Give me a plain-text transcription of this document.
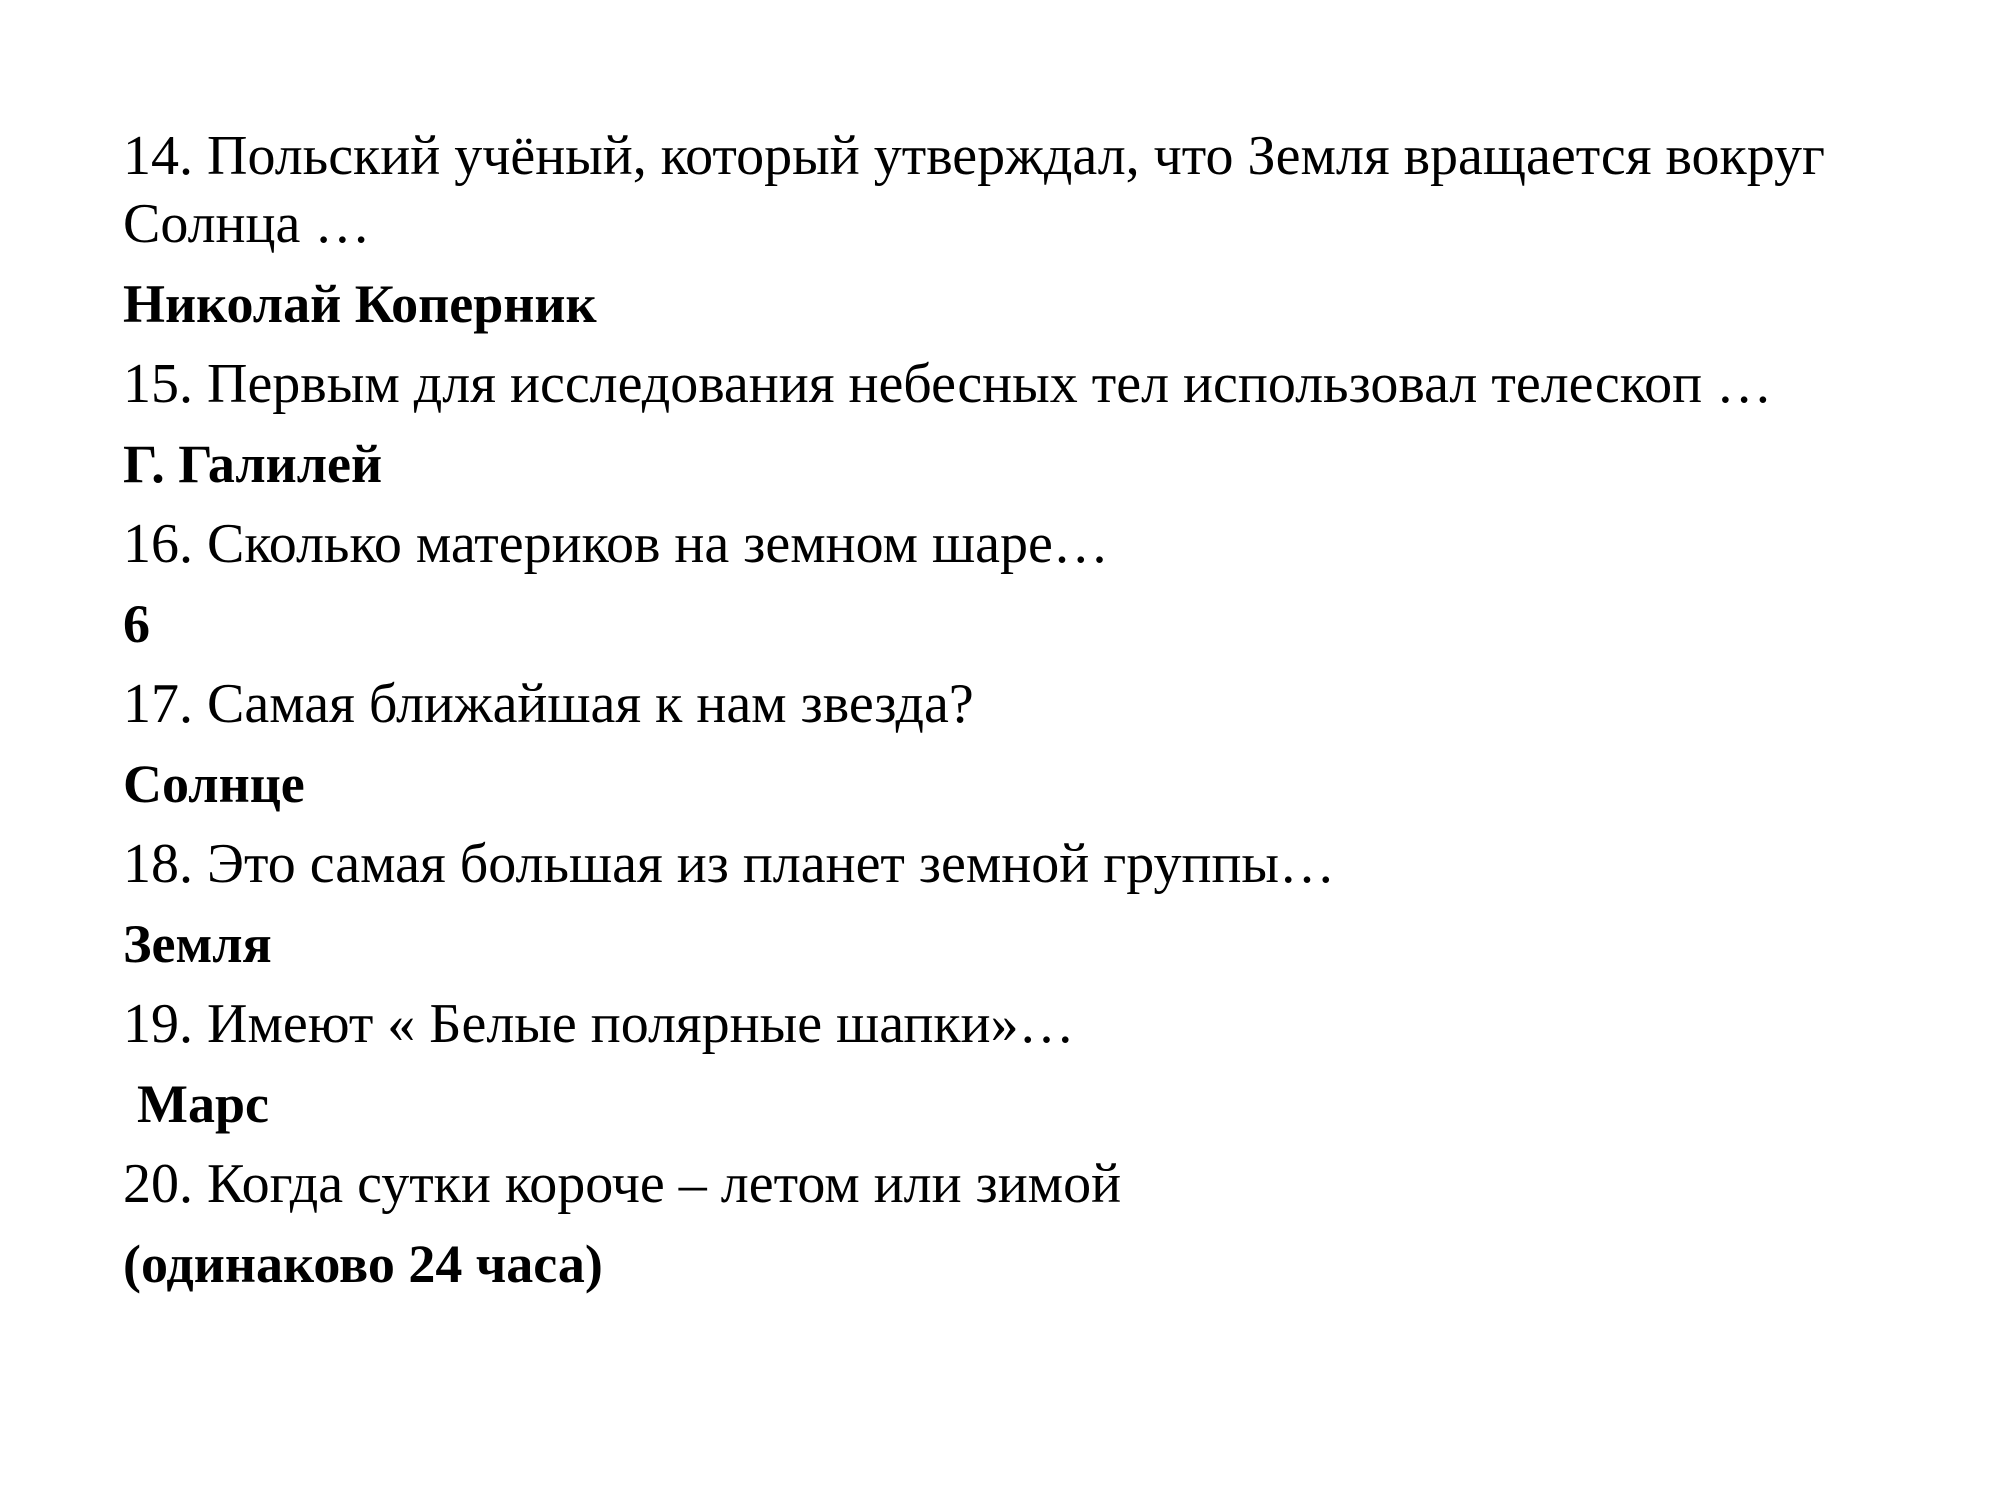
14. Польский учёный, который утверждал, что Земля вращается вокруг Солнца …

Николай Коперник

15. Первым для исследования небесных тел использовал телескоп …

Г. Галилей

16. Сколько материков на земном шаре…

6

17. Самая ближайшая к нам звезда?

Солнце

18. Это самая большая из планет земной группы…

Земля

19. Имеют « Белые полярные шапки»…

Марс

20. Когда сутки короче – летом или зимой

(одинаково 24 часа)
